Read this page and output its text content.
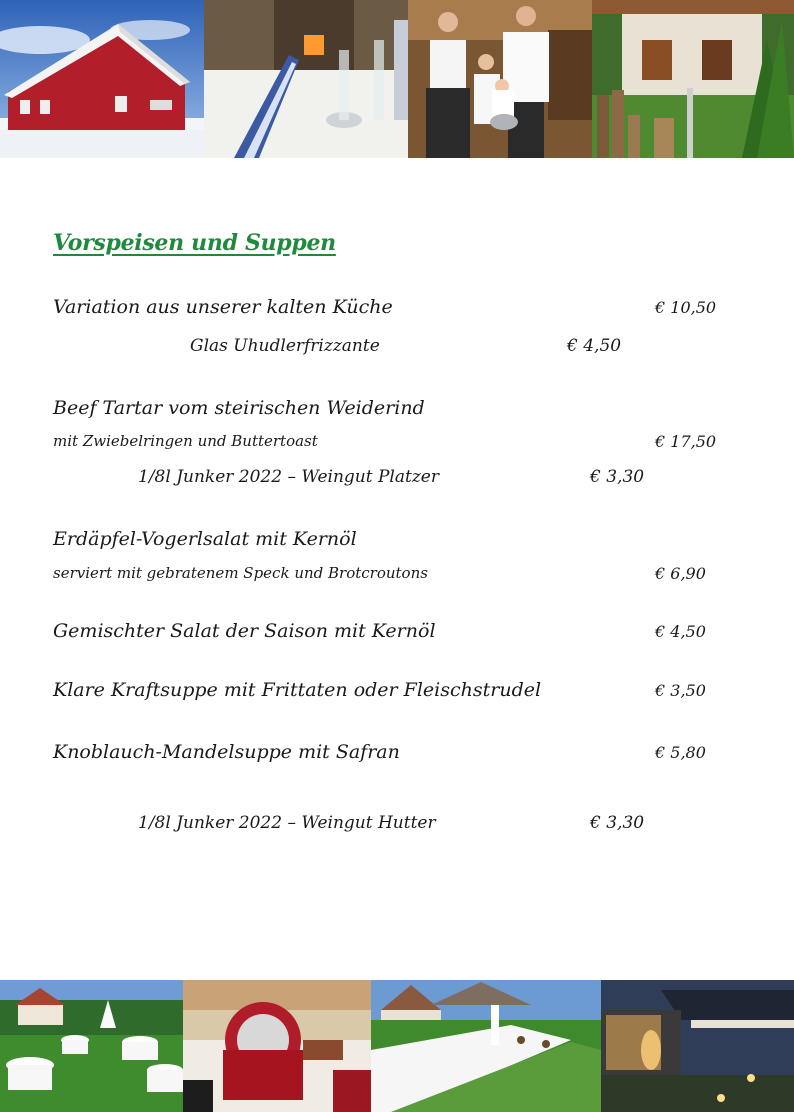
Vorspeisen und Suppen
Variation aus unserer kalten Küche	€ 10,50
Glas Uhudlerfrizzante	€ 4,50
Beef Tartar vom steirischen Weiderind
mit Zwiebelringen und Buttertoast	€ 17,50
1/8l Junker 2022 – Weingut Platzer	€ 3,30
Erdäpfel-Vogerlsalat mit Kernöl
serviert mit gebratenem Speck und Brotcroutons	€ 6,90
Gemischter Salat der Saison mit Kernöl	€ 4,50
Klare Kraftsuppe mit Frittaten oder Fleischstrudel	€ 3,50
Knoblauch-Mandelsuppe mit Safran	€ 5,80
1/8l Junker 2022 – Weingut Hutter	€ 3,30
